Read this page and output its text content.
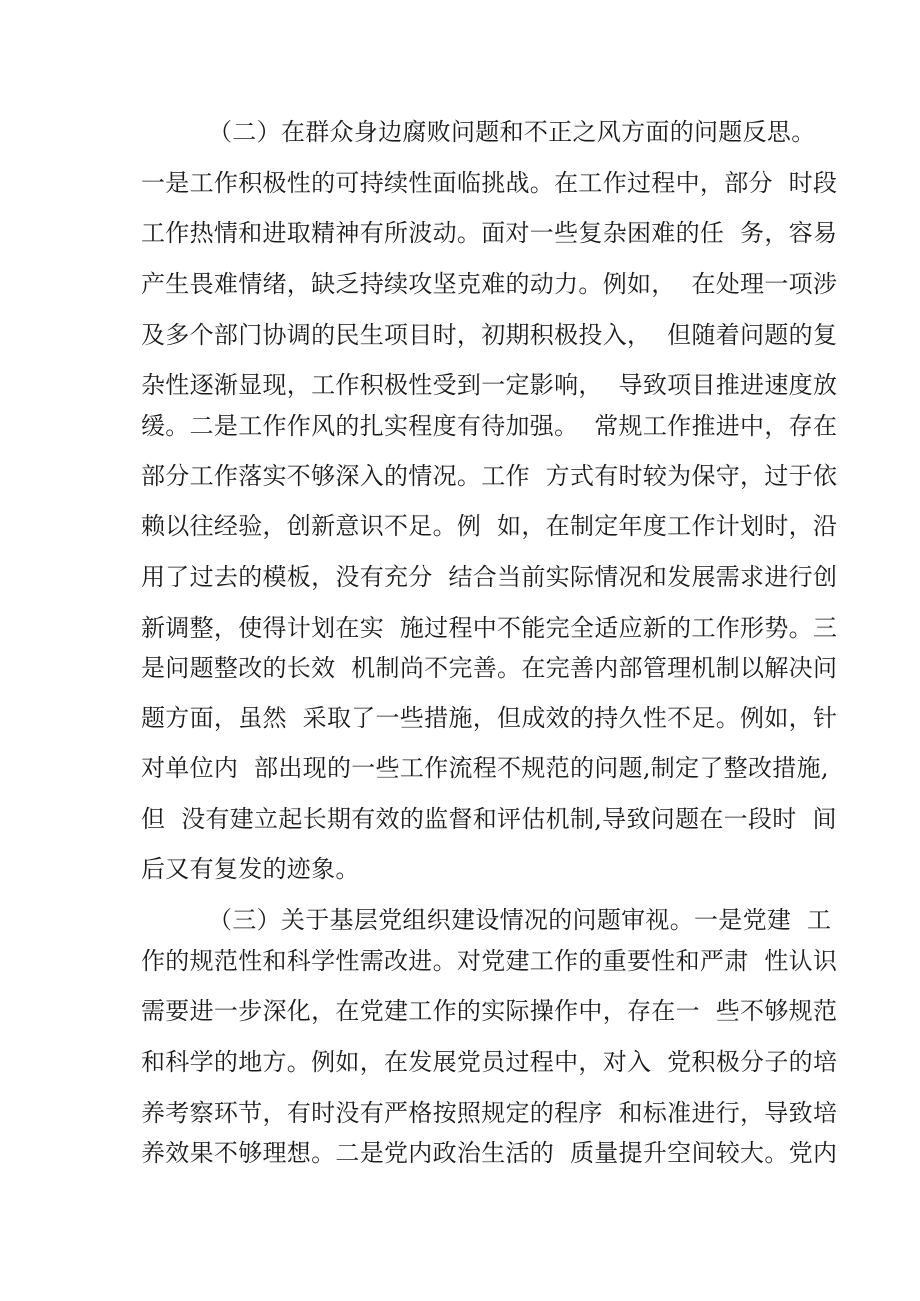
（二）在群众身边腐败问题和不正之风方面的问题反思。
一是工作积极性的可持续性面临挑战。在工作过程中，部分  时段
工作热情和进取精神有所波动。面对一些复杂困难的任  务，容易
产生畏难情绪，缺乏持续攻坚克难的动力。例如，  在处理一项涉
及多个部门协调的民生项目时，初期积极投入，  但随着问题的复
杂性逐渐显现，工作积极性受到一定影响，  导致项目推进速度放
缓。二是工作作风的扎实程度有待加强。  常规工作推进中，存在
部分工作落实不够深入的情况。工作  方式有时较为保守，过于依
赖以往经验，创新意识不足。例  如，在制定年度工作计划时，沿
用了过去的模板，没有充分  结合当前实际情况和发展需求进行创
新调整，使得计划在实  施过程中不能完全适应新的工作形势。三
是问题整改的长效  机制尚不完善。在完善内部管理机制以解决问
题方面，虽然  采取了一些措施，但成效的持久性不足。例如，针
对单位内  部出现的一些工作流程不规范的问题,制定了整改措施,
但  没有建立起长期有效的监督和评估机制,导致问题在一段时  间
后又有复发的迹象。
（三）关于基层党组织建设情况的问题审视。一是党建  工
作的规范性和科学性需改进。对党建工作的重要性和严肃  性认识
需要进一步深化，在党建工作的实际操作中，存在一  些不够规范
和科学的地方。例如，在发展党员过程中，对入  党积极分子的培
养考察环节，有时没有严格按照规定的程序  和标准进行，导致培
养效果不够理想。二是党内政治生活的  质量提升空间较大。党内
